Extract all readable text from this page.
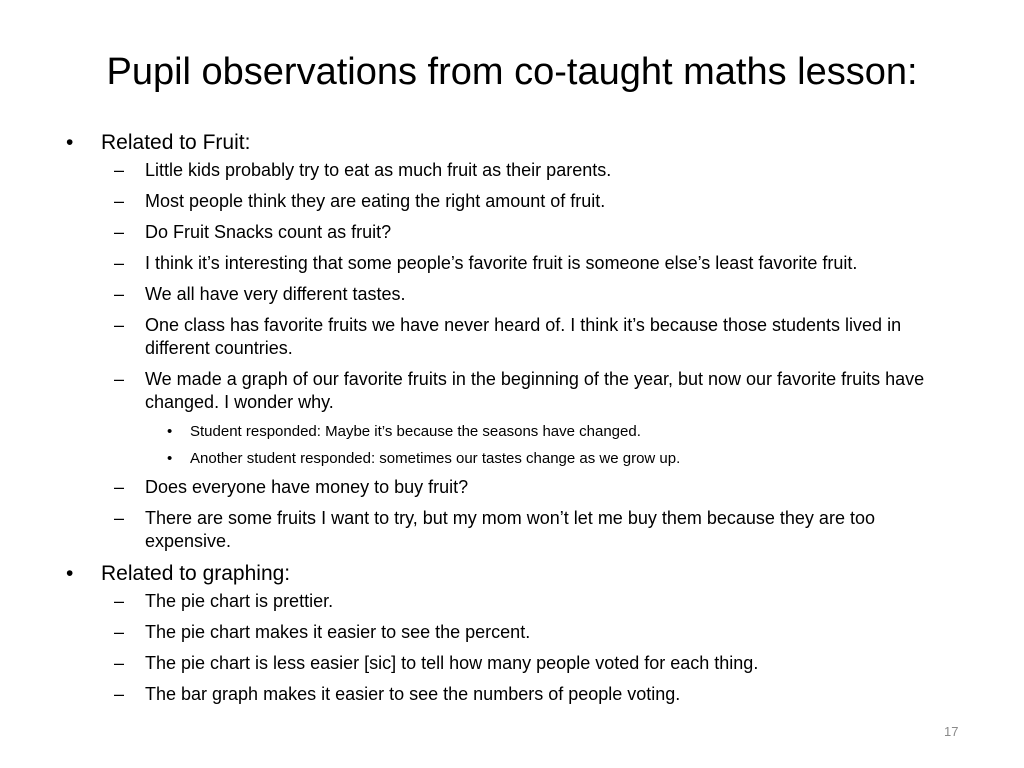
Pupil observations from co-taught maths lesson:
• Related to Fruit:
– Little kids probably try to eat as much fruit as their parents.
– Most people think they are eating the right amount of fruit.
– Do Fruit Snacks count as fruit?
– I think it’s interesting that some people’s favorite fruit is someone else’s least favorite fruit.
– We all have very different tastes.
– One class has favorite fruits we have never heard of. I think it’s because those students lived in different countries.
– We made a graph of our favorite fruits in the beginning of the year, but now our favorite fruits have changed. I wonder why.
• Student responded: Maybe it’s because the seasons have changed.
• Another student responded: sometimes our tastes change as we grow up.
– Does everyone have money to buy fruit?
– There are some fruits I want to try, but my mom won’t let me buy them because they are too expensive.
• Related to graphing:
– The pie chart is prettier.
– The pie chart makes it easier to see the percent.
– The pie chart is less easier [sic] to tell how many people voted for each thing.
– The bar graph makes it easier to see the numbers of people voting.
17
